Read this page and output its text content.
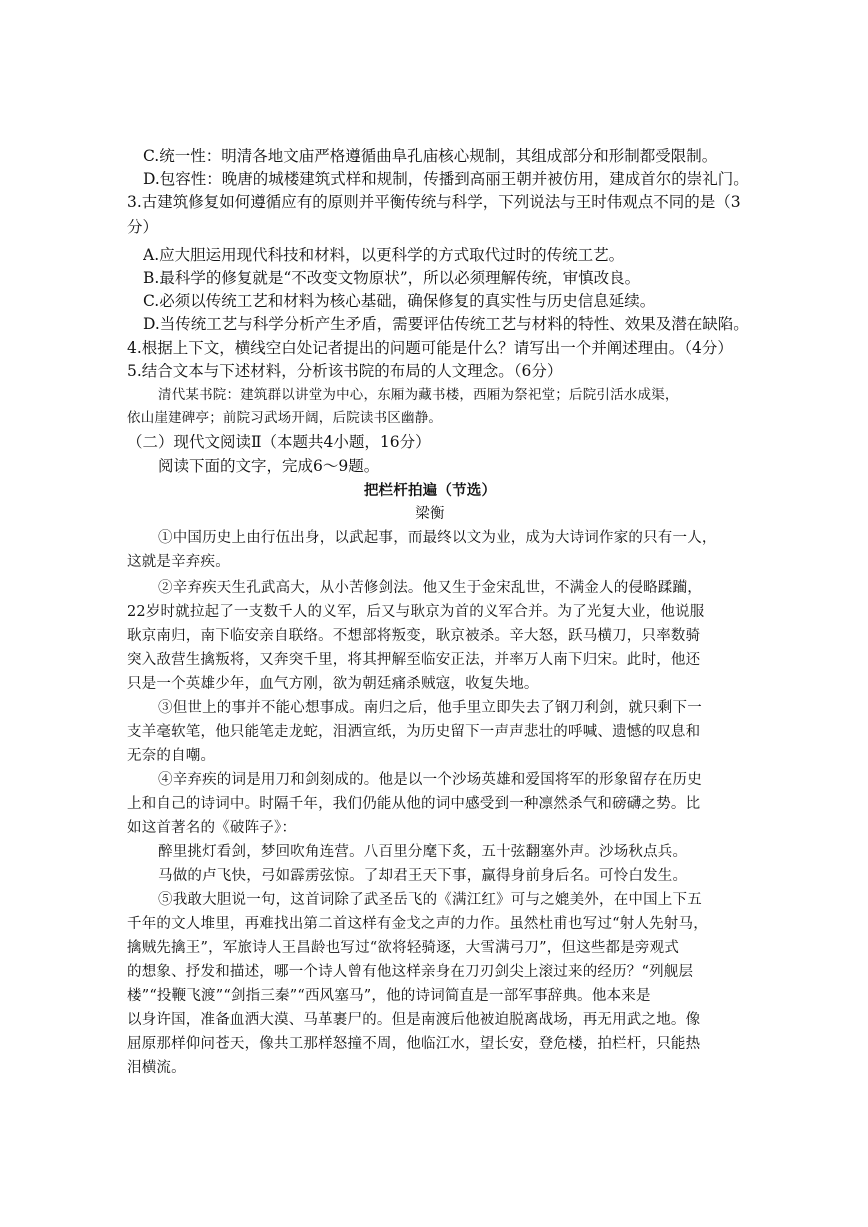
C.统一性：明清各地文庙严格遵循曲阜孔庙核心规制，其组成部分和形制都受限制。
D.包容性：晚唐的城楼建筑式样和规制，传播到高丽王朝并被仿用，建成首尔的崇礼门。
3.古建筑修复如何遵循应有的原则并平衡传统与科学，下列说法与王时伟观点不同的是（3
分）
A.应大胆运用现代科技和材料，以更科学的方式取代过时的传统工艺。
B.最科学的修复就是“不改变文物原状”，所以必须理解传统，审慎改良。
C.必须以传统工艺和材料为核心基础，确保修复的真实性与历史信息延续。
D.当传统工艺与科学分析产生矛盾，需要评估传统工艺与材料的特性、效果及潜在缺陷。
4.根据上下文，横线空白处记者提出的问题可能是什么？请写出一个并阐述理由。（4分）
5.结合文本与下述材料，分析该书院的布局的人文理念。（6分）
清代某书院：建筑群以讲堂为中心，东厢为藏书楼，西厢为祭祀堂；后院引活水成渠，
依山崖建碑亭；前院习武场开阔，后院读书区幽静。
（二）现代文阅读Ⅱ（本题共4小题，16分）
阅读下面的文字，完成6～9题。
把栏杆拍遍（节选）
梁衡
①中国历史上由行伍出身，以武起事，而最终以文为业，成为大诗词作家的只有一人，
这就是辛弃疾。
②辛弃疾天生孔武高大，从小苦修剑法。他又生于金宋乱世，不满金人的侵略蹂躏，
22岁时就拉起了一支数千人的义军，后又与耿京为首的义军合并。为了光复大业，他说服
耿京南归，南下临安亲自联络。不想部将叛变，耿京被杀。辛大怒，跃马横刀，只率数骑
突入敌营生擒叛将，又奔突千里，将其押解至临安正法，并率万人南下归宋。此时，他还
只是一个英雄少年，血气方刚，欲为朝廷痛杀贼寇，收复失地。
③但世上的事并不能心想事成。南归之后，他手里立即失去了钢刀利剑，就只剩下一
支羊毫软笔，他只能笔走龙蛇，泪洒宣纸，为历史留下一声声悲壮的呼喊、遗憾的叹息和
无奈的自嘲。
④辛弃疾的词是用刀和剑刻成的。他是以一个沙场英雄和爱国将军的形象留存在历史
上和自己的诗词中。时隔千年，我们仍能从他的词中感受到一种凛然杀气和磅礴之势。比
如这首著名的《破阵子》：
醉里挑灯看剑，梦回吹角连营。八百里分麾下炙，五十弦翻塞外声。沙场秋点兵。
马做的卢飞快，弓如霹雳弦惊。了却君王天下事，赢得身前身后名。可怜白发生。
⑤我敢大胆说一句，这首词除了武圣岳飞的《满江红》可与之媲美外，在中国上下五
千年的文人堆里，再难找出第二首这样有金戈之声的力作。虽然杜甫也写过“射人先射马，
擒贼先擒王”，军旅诗人王昌龄也写过“欲将轻骑逐，大雪满弓刀”，但这些都是旁观式
的想象、抒发和描述，哪一个诗人曾有他这样亲身在刀刃剑尖上滚过来的经历？“列舰层
楼”“投鞭飞渡”“剑指三秦”“西风塞马”，他的诗词简直是一部军事辞典。他本来是
以身许国，准备血洒大漠、马革裹尸的。但是南渡后他被迫脱离战场，再无用武之地。像
屈原那样仰问苍天，像共工那样怒撞不周，他临江水，望长安，登危楼，拍栏杆，只能热
泪横流。
